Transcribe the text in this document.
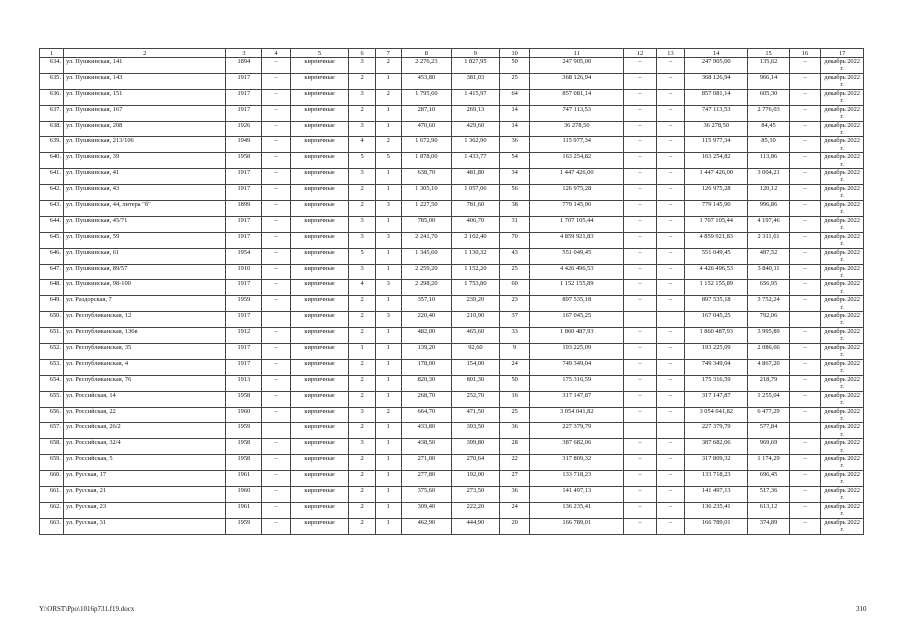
1	2	3	4	5	6	7	8	9	10	11	12	13	14	15	16	17
634.	ул. Пушкинская, 141	1894	–	кирпичные	3	2	2 276,23	1 827,95	50	247 905,00	–	–	247 905,00	135,62	–	декабрь 2022 г.
635.	ул. Пушкинская, 143	1917	–	кирпичные	2	1	453,80	381,03	25	368 126,94	–	–	368 126,94	966,14	–	декабрь 2022 г.
636.	ул. Пушкинская, 151	1917	–	кирпичные	3	2	1 795,60	1 415,97	64	857 081,14	–	–	857 081,14	605,30	–	декабрь 2022 г.
637.	ул. Пушкинская, 167	1917	–	кирпичные	2	1	287,10	269,13	14	747 113,53	–	–	747 113,53	2 776,03	–	декабрь 2022 г.
638.	ул. Пушкинская, 208	1926	–	кирпичные	3	1	470,60	429,60	14	36 278,50	–	–	36 278,50	84,45	–	декабрь 2022 г.
639.	ул. Пушкинская, 213/106	1949	–	кирпичные	4	2	1 672,90	1 362,90	36	115 977,34	–	–	115 977,34	85,10	–	декабрь 2022 г.
640.	ул. Пушкинская, 39	1958	–	кирпичные	5	5	1 878,00	1 433,77	54	163 254,82	–	–	163 254,82	113,86	–	декабрь 2022 г.
641.	ул. Пушкинская, 41	1917	–	кирпичные	3	1	638,70	481,80	34	1 447 426,00	–	–	1 447 426,00	3 004,21	–	декабрь 2022 г.
642.	ул. Пушкинская, 43	1917	–	кирпичные	2	1	1 305,10	1 057,06	56	126 975,28	–	–	126 975,28	120,12	–	декабрь 2022 г.
643.	ул. Пушкинская, 44, литера "б"	1899	–	кирпичные	2	3	1 227,50	781,60	38	779 145,90	–	–	779 145,90	996,86	–	декабрь 2022 г.
644.	ул. Пушкинская, 45/71	1917	–	кирпичные	3	1	785,00	406,70	31	1 707 105,44	–	–	1 707 105,44	4 197,46	–	декабрь 2022 г.
645.	ул. Пушкинская, 59	1917	–	кирпичные	3	3	2 241,70	2 102,40	70	4 859 921,83	–	–	4 859 921,83	2 311,61	–	декабрь 2022 г.
646.	ул. Пушкинская, 61	1954	–	кирпичные	5	1	1 345,60	1 130,32	43	551 049,45	–	–	551 049,45	487,52	–	декабрь 2022 г.
647.	ул. Пушкинская, 89/57	1910	–	кирпичные	3	1	2 259,20	1 152,20	25	4 426 496,53	–	–	4 426 496,53	3 840,11	–	декабрь 2022 г.
648.	ул. Пушкинская, 98-100	1917	–	кирпичные	4	3	2 298,20	1 753,80	60	1 152 155,89	–	–	1 152 155,89	656,95	–	декабрь 2022 г.
649.	ул. Раздорская, 7	1959	–	кирпичные	2	1	357,10	239,20	23	897 535,18	–	–	897 535,18	3 752,24	–	декабрь 2022 г.
650.	ул. Республиканская, 12	1917		кирпичные	2	3	220,40	210,90	37	167 045,25			167 045,25	792,06		декабрь 2022 г.
651.	ул. Республиканская, 136в	1912	–	кирпичные	2	1	482,00	465,60	33	1 860 487,93	–	–	1 860 487,93	3 995,89	–	декабрь 2022 г.
652.	ул. Республиканская, 35	1917	–	кирпичные	1	1	139,20	92,60	9	193 225,09	–	–	193 225,09	2 086,66	–	декабрь 2022 г.
653.	ул. Республиканская, 4	1917	–	кирпичные	2	1	178,00	154,00	24	749 349,04	–	–	749 349,04	4 867,20	–	декабрь 2022 г.
654.	ул. Республиканская, 76	1913	–	кирпичные	2	1	820,30	801,30	50	175 316,59	–	–	175 316,59	218,79	–	декабрь 2022 г.
655.	ул. Российская, 14	1958	–	кирпичные	2	1	268,70	252,70	16	317 147,87	–	–	317 147,87	1 255,04	–	декабрь 2022 г.
656.	ул. Российская, 22	1960	–	кирпичные	3	2	664,70	471,50	25	3 054 041,82	–	–	3 054 041,82	6 477,29	–	декабрь 2022 г.
657.	ул. Российская, 26/2	1959		кирпичные	2	1	433,80	393,50	36	227 379,79			227 379,79	577,84		декабрь 2022 г.
658.	ул. Российская, 32/4	1958	–	кирпичные	3	1	438,50	399,80	28	387 682,06	–	–	387 682,06	969,69	–	декабрь 2022 г.
659.	ул. Российская, 5	1958	–	кирпичные	2	1	271,00	270,64	22	317 809,32	–	–	317 809,32	1 174,29	–	декабрь 2022 г.
660.	ул. Русская, 17	1961	–	кирпичные	2	1	277,80	192,00	27	133 718,23	–	–	133 718,23	696,45	–	декабрь 2022 г.
661.	ул. Русская, 21	1960	–	кирпичные	2	1	375,60	273,50	36	141 497,13	–	–	141 497,13	517,36	–	декабрь 2022 г.
662.	ул. Русская, 23	1961	–	кирпичные	2	1	309,40	222,20	24	136 235,41	–	–	136 235,41	613,12	–	декабрь 2022 г.
663.	ул. Русская, 31	1959	–	кирпичные	2	1	462,90	444,90	20	166 789,01	–	–	166 789,01	374,89	–	декабрь 2022 г.
Y:\ORST\Ppo\1016p731.f19.docx	310
